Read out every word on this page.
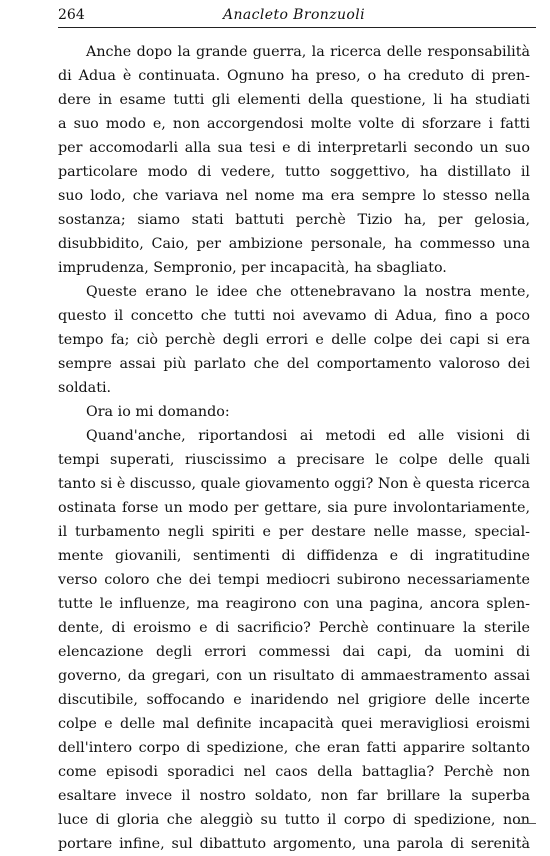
264	Anacleto Bronzuoli
Anche dopo la grande guerra, la ricerca delle responsabilità
di Adua è continuata. Ognuno ha preso, o ha creduto di pren-
dere in esame tutti gli elementi della questione, li ha studiati
a suo modo e, non accorgendosi molte volte di sforzare i fatti
per accomodarli alla sua tesi e di interpretarli secondo un suo
particolare modo di vedere, tutto soggettivo, ha distillato il
suo lodo, che variava nel nome ma era sempre lo stesso nella
sostanza; siamo stati battuti perchè Tizio ha, per gelosia,
disubbidito, Caio, per ambizione personale, ha commesso una
imprudenza, Sempronio, per incapacità, ha sbagliato.
Queste erano le idee che ottenebravano la nostra mente,
questo il concetto che tutti noi avevamo di Adua, fino a poco
tempo fa; ciò perchè degli errori e delle colpe dei capi si era
sempre assai più parlato che del comportamento valoroso dei
soldati.
Ora io mi domando:
Quand'anche, riportandosi ai metodi ed alle visioni di
tempi superati, riuscissimo a precisare le colpe delle quali
tanto si è discusso, quale giovamento oggi? Non è questa ricerca
ostinata forse un modo per gettare, sia pure involontariamente,
il turbamento negli spiriti e per destare nelle masse, special-
mente giovanili, sentimenti di diffidenza e di ingratitudine
verso coloro che dei tempi mediocri subirono necessariamente
tutte le influenze, ma reagirono con una pagina, ancora splen-
dente, di eroismo e di sacrificio? Perchè continuare la sterile
elencazione degli errori commessi dai capi, da uomini di
governo, da gregari, con un risultato di ammaestramento assai
discutibile, soffocando e inaridendo nel grigiore delle incerte
colpe e delle mal definite incapacità quei meravigliosi eroismi
dell'intero corpo di spedizione, che eran fatti apparire soltanto
come episodi sporadici nel caos della battaglia? Perchè non
esaltare invece il nostro soldato, non far brillare la superba
luce di gloria che aleggiò su tutto il corpo di spedizione, non
portare infine, sul dibattuto argomento, una parola di serenità
